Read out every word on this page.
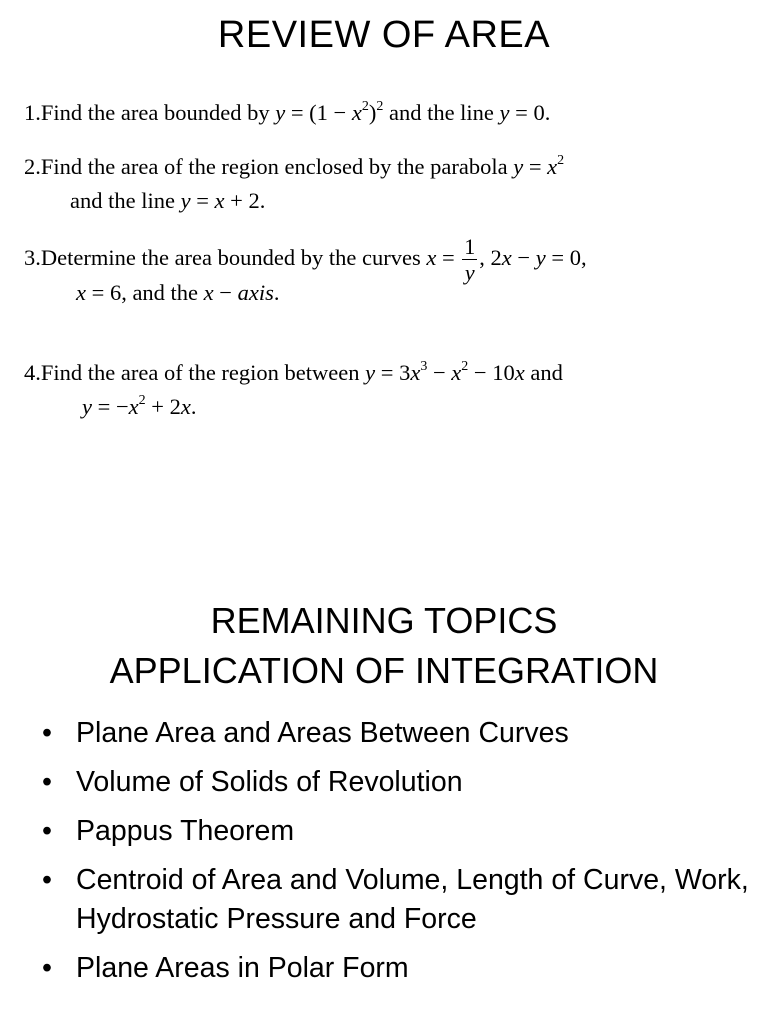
REVIEW OF AREA
1.Find the area bounded by $y = (1 - x^2)^2$ and the line y = 0.
2.Find the area of the region enclosed by the parabola $y = x^2$
and the line y = x + 2.
3.Determine the area bounded by the curves $x = \frac{1}{y}$ , 2x − y = 0,
x = 6, and the x − axis.
4.Find the area of the region between $y = 3x^3 - x^2 - 10x$ and
$y = -x^2 + 2x$.
REMAINING TOPICS
APPLICATION OF INTEGRATION
• Plane Area and Areas Between Curves
• Volume of Solids of Revolution
• Pappus Theorem
• Centroid of Area and Volume, Length of Curve, Work, Hydrostatic Pressure and Force
• Plane Areas in Polar Form
